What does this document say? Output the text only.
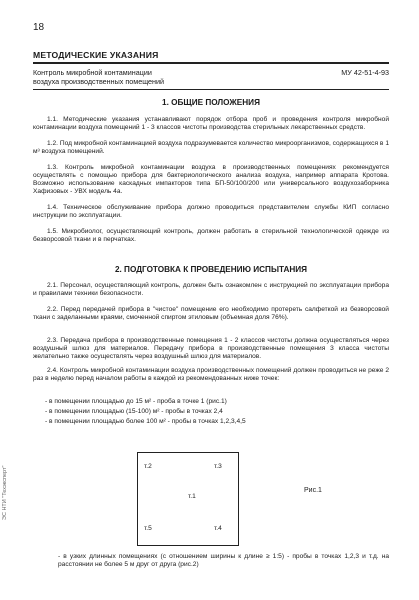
18
МЕТОДИЧЕСКИЕ УКАЗАНИЯ
Контроль микробной контаминации
воздуха производственных помещений
МУ 42-51-4-93
1. ОБЩИЕ ПОЛОЖЕНИЯ
1.1. Методические указания устанавливают порядок отбора проб и проведения контроля микробной контаминации воздуха помещений 1 - 3 классов чистоты производства стерильных лекарственных средств.
1.2. Под микробной контаминацией воздуха подразумевается количество микроорганизмов, содержащихся в 1 м³ воздуха помещений.
1.3. Контроль микробной контаминации воздуха в производственных помещениях рекомендуется осуществлять с помощью прибора для бактериологического анализа воздуха, например аппарата Кротова. Возможно использование каскадных импакторов типа БП-50/100/200 или универсального воздухозаборника Хафизовых - УВХ модель 4а.
1.4. Техническое обслуживание прибора должно проводиться представителем службы КИП согласно инструкции по эксплуатации.
1.5. Микробиолог, осуществляющий контроль, должен работать в стерильной технологической одежде из безворсовой ткани и в перчатках.
2. ПОДГОТОВКА К ПРОВЕДЕНИЮ ИСПЫТАНИЯ
2.1. Персонал, осуществляющий контроль, должен быть ознакомлен с инструкцией по эксплуатации прибора и правилами техники безопасности.
2.2. Перед передачей прибора в "чистое" помещение его необходимо протереть салфеткой из безворсовой ткани с заделанными краями, смоченной спиртом этиловым (объемная доля 76%).
2.3. Передача прибора в производственные помещения 1 - 2 классов чистоты должна осуществляться через воздушный шлюз для материалов. Передачу прибора в производственные помещения 3 класса чистоты желательно также осуществлять через воздушный шлюз для материалов.
2.4. Контроль микробной контаминации воздуха производственных помещений должен проводиться не реже 2 раз в неделю перед началом работы в каждой из рекомендованных ниже точек:
- в помещении площадью до 15 м² - проба в точке 1 (рис.1)
- в помещении площадью (15-100) м² - пробы в точках 2,4
- в помещении площадью более 100 м² - пробы в точках 1,2,3,4,5
т.1
т.2	т.3
т.4
т.5
Рис.1
- в узких длинных помещениях (с отношением ширины к длине ≥ 1:5) - пробы в точках 1,2,3 и т.д. на расстоянии не более 5 м друг от друга (рис.2)
ЭС НТИ "Техэксперт"
